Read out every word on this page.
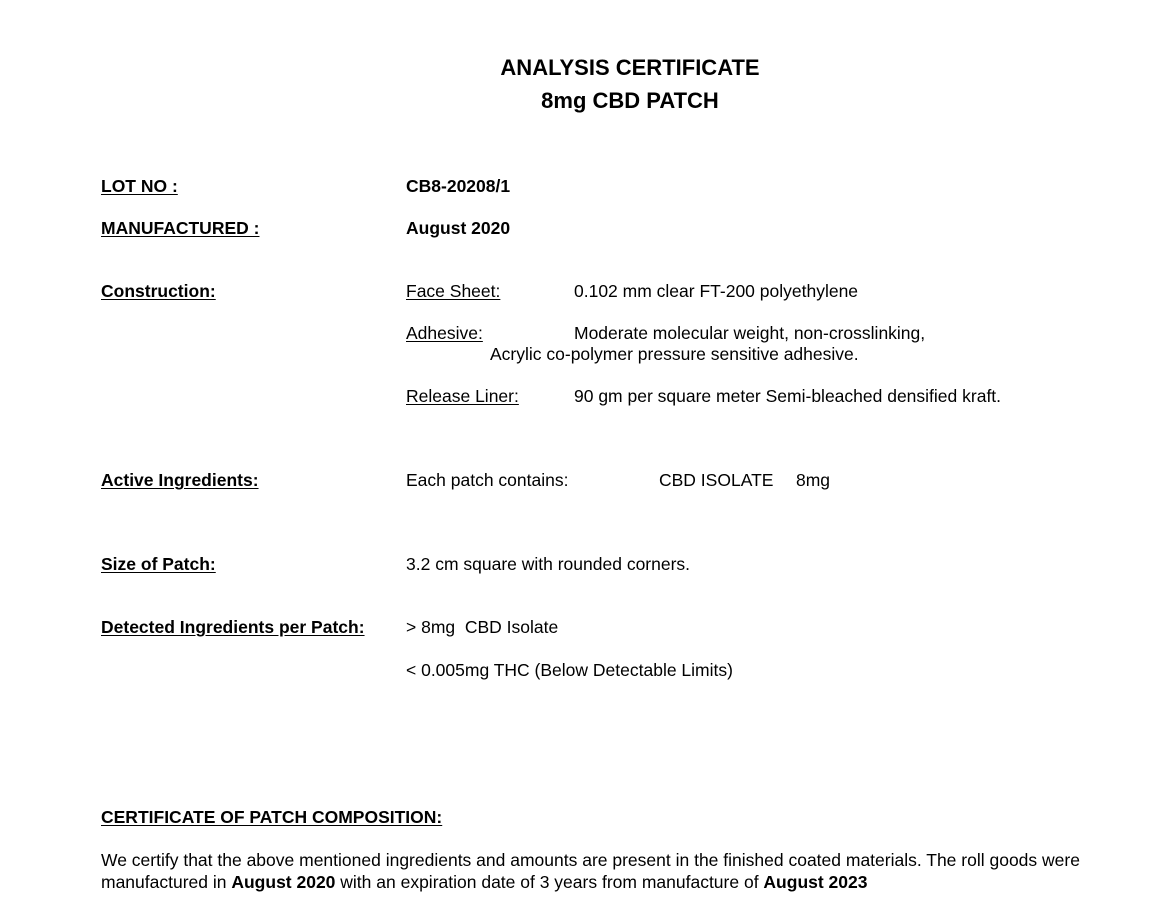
ANALYSIS CERTIFICATE
8mg CBD PATCH
LOT NO :	CB8-20208/1
MANUFACTURED :	August 2020
Construction:	Face Sheet:	0.102 mm clear FT-200 polyethylene
Adhesive:	Moderate molecular weight, non-crosslinking,
Acrylic co-polymer pressure sensitive adhesive.
Release Liner:	90 gm per square meter Semi-bleached densified kraft.
Active Ingredients:	Each patch contains:	CBD ISOLATE 8mg
Size of Patch:	3.2 cm square with rounded corners.
Detected Ingredients per Patch: > 8mg  CBD Isolate
< 0.005mg THC (Below Detectable Limits)
CERTIFICATE OF PATCH COMPOSITION:
We certify that the above mentioned ingredients and amounts are present in the finished coated materials. The roll goods were manufactured in August 2020 with an expiration date of 3 years from manufacture of August 2023
